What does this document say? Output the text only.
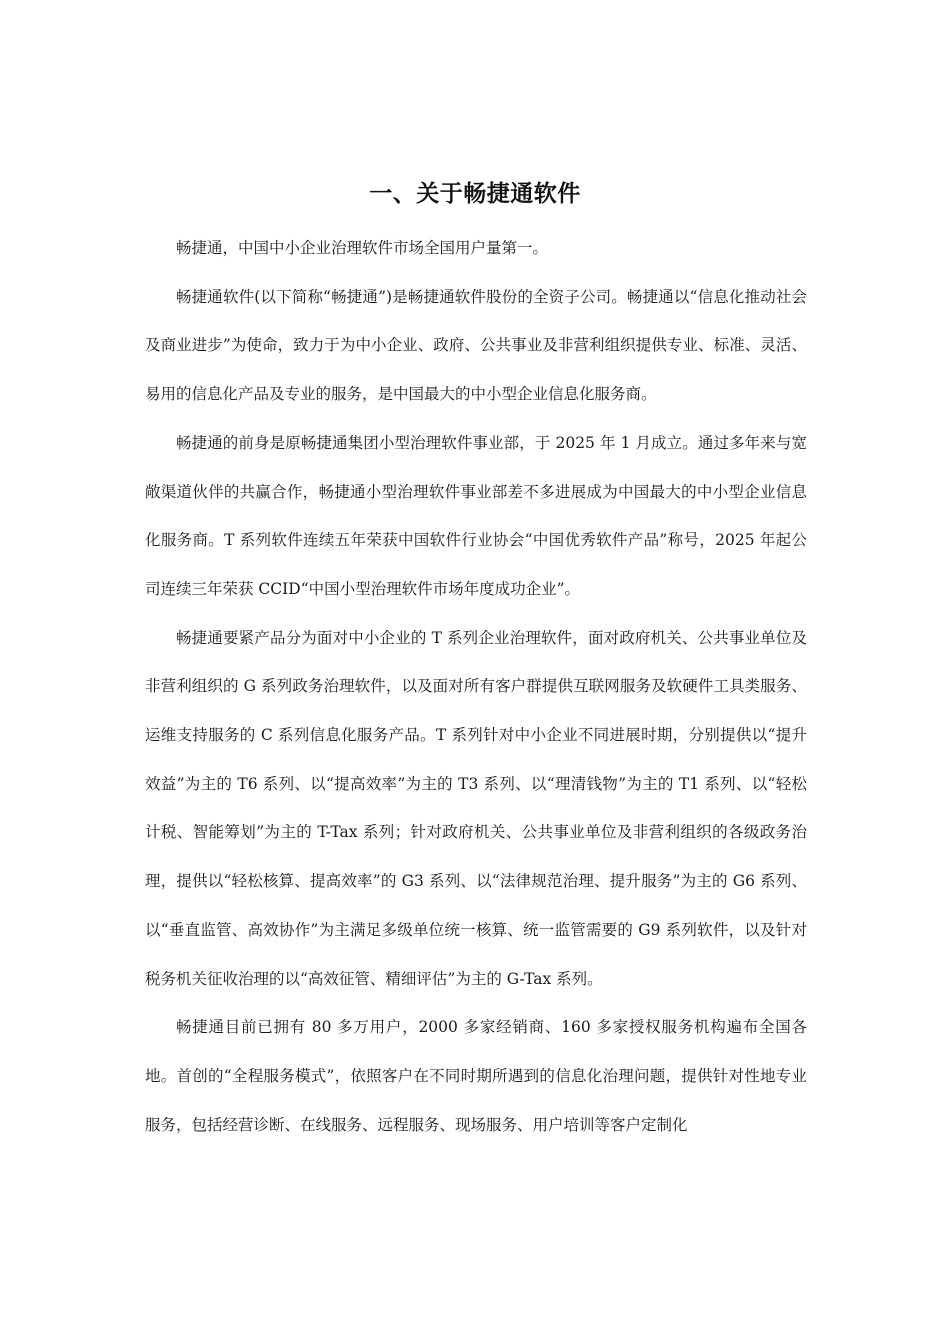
一、关于畅捷通软件

畅捷通，中国中小企业治理软件市场全国用户量第一。

畅捷通软件(以下简称“畅捷通”)是畅捷通软件股份的全资子公司。畅捷通以“信息化推动社会及商业进步”为使命，致力于为中小企业、政府、公共事业及非营利组织提供专业、标准、灵活、易用的信息化产品及专业的服务，是中国最大的中小型企业信息化服务商。

畅捷通的前身是原畅捷通集团小型治理软件事业部，于 2025 年 1 月成立。通过多年来与宽敞渠道伙伴的共赢合作，畅捷通小型治理软件事业部差不多进展成为中国最大的中小型企业信息化服务商。T 系列软件连续五年荣获中国软件行业协会“中国优秀软件产品”称号，2025 年起公司连续三年荣获 CCID“中国小型治理软件市场年度成功企业”。

畅捷通要紧产品分为面对中小企业的 T 系列企业治理软件，面对政府机关、公共事业单位及非营利组织的 G 系列政务治理软件，以及面对所有客户群提供互联网服务及软硬件工具类服务、运维支持服务的 C 系列信息化服务产品。T 系列针对中小企业不同进展时期，分别提供以“提升效益”为主的 T6 系列、以“提高效率”为主的 T3 系列、以“理清钱物”为主的 T1 系列、以“轻松计税、智能筹划”为主的 T-Tax 系列；针对政府机关、公共事业单位及非营利组织的各级政务治理，提供以“轻松核算、提高效率”的 G3 系列、以“法律规范治理、提升服务”为主的 G6 系列、以“垂直监管、高效协作”为主满足多级单位统一核算、统一监管需要的 G9 系列软件，以及针对税务机关征收治理的以“高效征管、精细评估”为主的 G-Tax 系列。

畅捷通目前已拥有 80 多万用户，2000 多家经销商、160 多家授权服务机构遍布全国各地。首创的“全程服务模式”，依照客户在不同时期所遇到的信息化治理问题，提供针对性地专业服务，包括经营诊断、在线服务、远程服务、现场服务、用户培训等客户定制化
